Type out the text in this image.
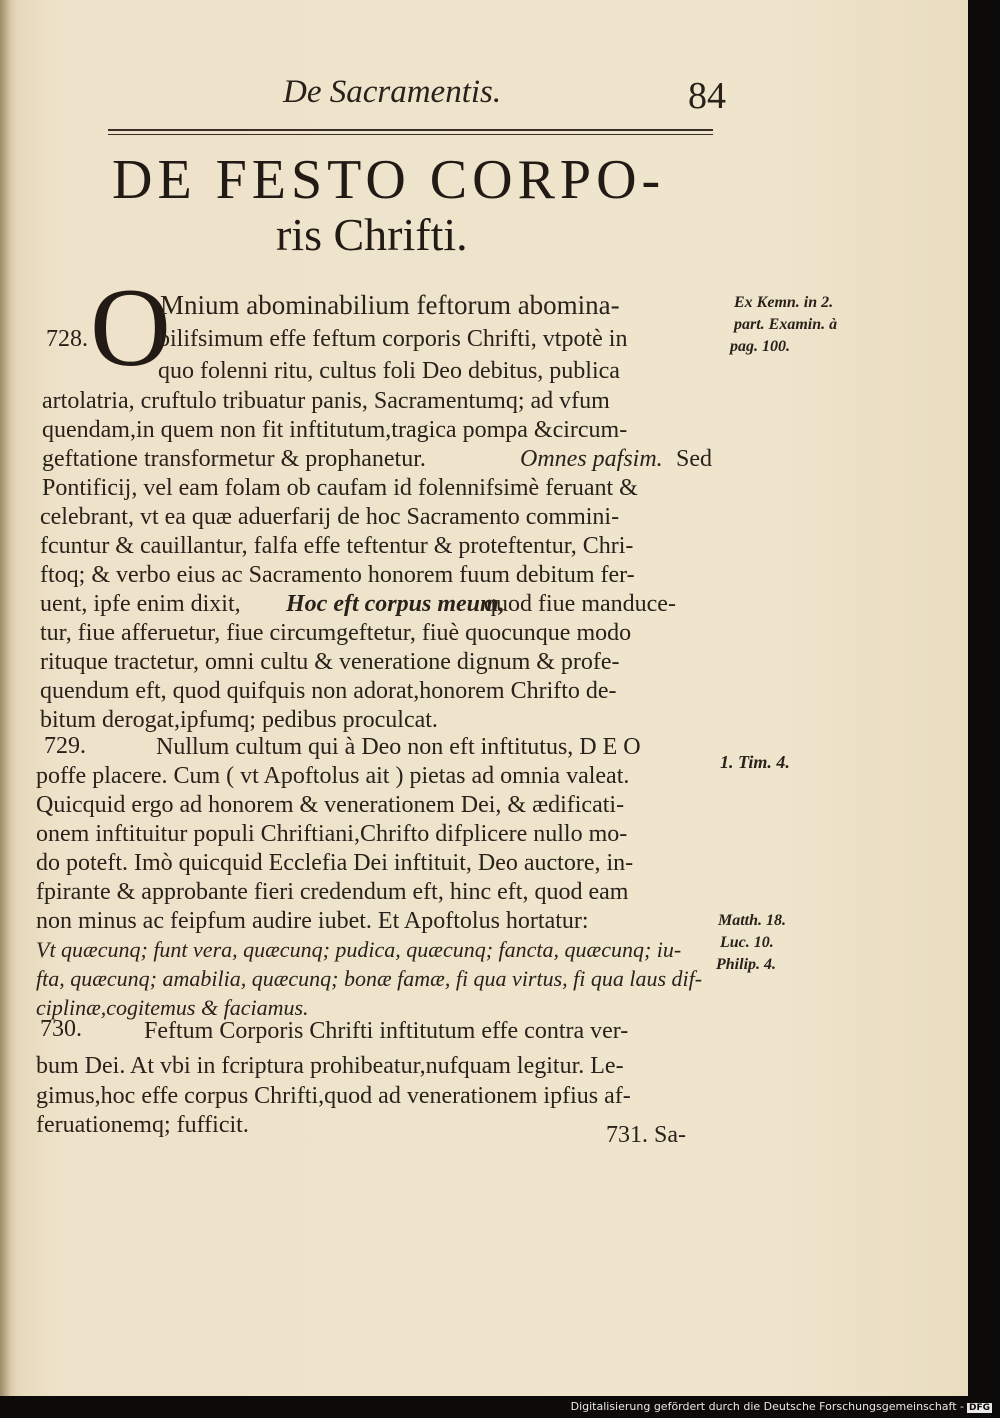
De Sacramentis.	84
DE FESTO CORPO-
ris Chrifti.
O
728.
729.
730.
Mnium abominabilium feftorum abomina-
bilifsimum effe feftum corporis Chrifti, vtpotè in
quo folenni ritu, cultus foli Deo debitus, publica
artolatria, cruftulo tribuatur panis, Sacramentumq; ad vfum
quendam,in quem non fit inftitutum,tragica pompa &circum-
geftatione transformetur & prophanetur.	Omnes pafsim. Sed
Pontificij, vel eam folam ob caufam id folennifsimè feruant &
celebrant, vt ea quæ aduerfarij de hoc Sacramento commini-
fcuntur & cauillantur, falfa effe teftentur & proteftentur, Chri-
ftoq; & verbo eius ac Sacramento honorem fuum debitum fer-
uent, ipfe enim dixit, Hoc eft corpus meum,
quod fiue manduce-
tur, fiue afferuetur, fiue circumgeftetur, fiuè quocunque modo
rituque tractetur, omni cultu & veneratione dignum & profe-
quendum eft, quod quifquis non adorat,honorem Chrifto de-
bitum derogat,ipfumq; pedibus proculcat.
Nullum cultum qui à Deo non eft inftitutus, D E O
poffe placere. Cum ( vt Apoftolus ait ) pietas ad omnia valeat.
Quicquid ergo ad honorem & venerationem Dei, & ædificati-
onem inftituitur populi Chriftiani,Chrifto difplicere nullo mo-
do poteft. Imò quicquid Ecclefia Dei inftituit, Deo auctore, in-
fpirante & approbante fieri credendum eft, hinc eft, quod eam
non minus ac feipfum audire iubet. Et Apoftolus hortatur:
Vt quæcunq; funt vera, quæcunq; pudica, quæcunq; fancta, quæcunq; iu-
fta, quæcunq; amabilia, quæcunq; bonæ famæ, fi qua virtus, fi qua laus dif-
ciplinæ,cogitemus & faciamus.
Feftum Corporis Chrifti inftitutum effe contra ver-
bum Dei. At vbi in fcriptura prohibeatur,nufquam legitur. Le-
gimus,hoc effe corpus Chrifti,quod ad venerationem ipfius af-
feruationemq; fufficit.	731. Sa-
Ex Kemn. in 2.
part. Examin. à
pag. 100.
1. Tim. 4.
Matth. 18.
Luc. 10.
Philip. 4.
Digitalisierung gefördert durch die Deutsche Forschungsgemeinschaft - DFG
